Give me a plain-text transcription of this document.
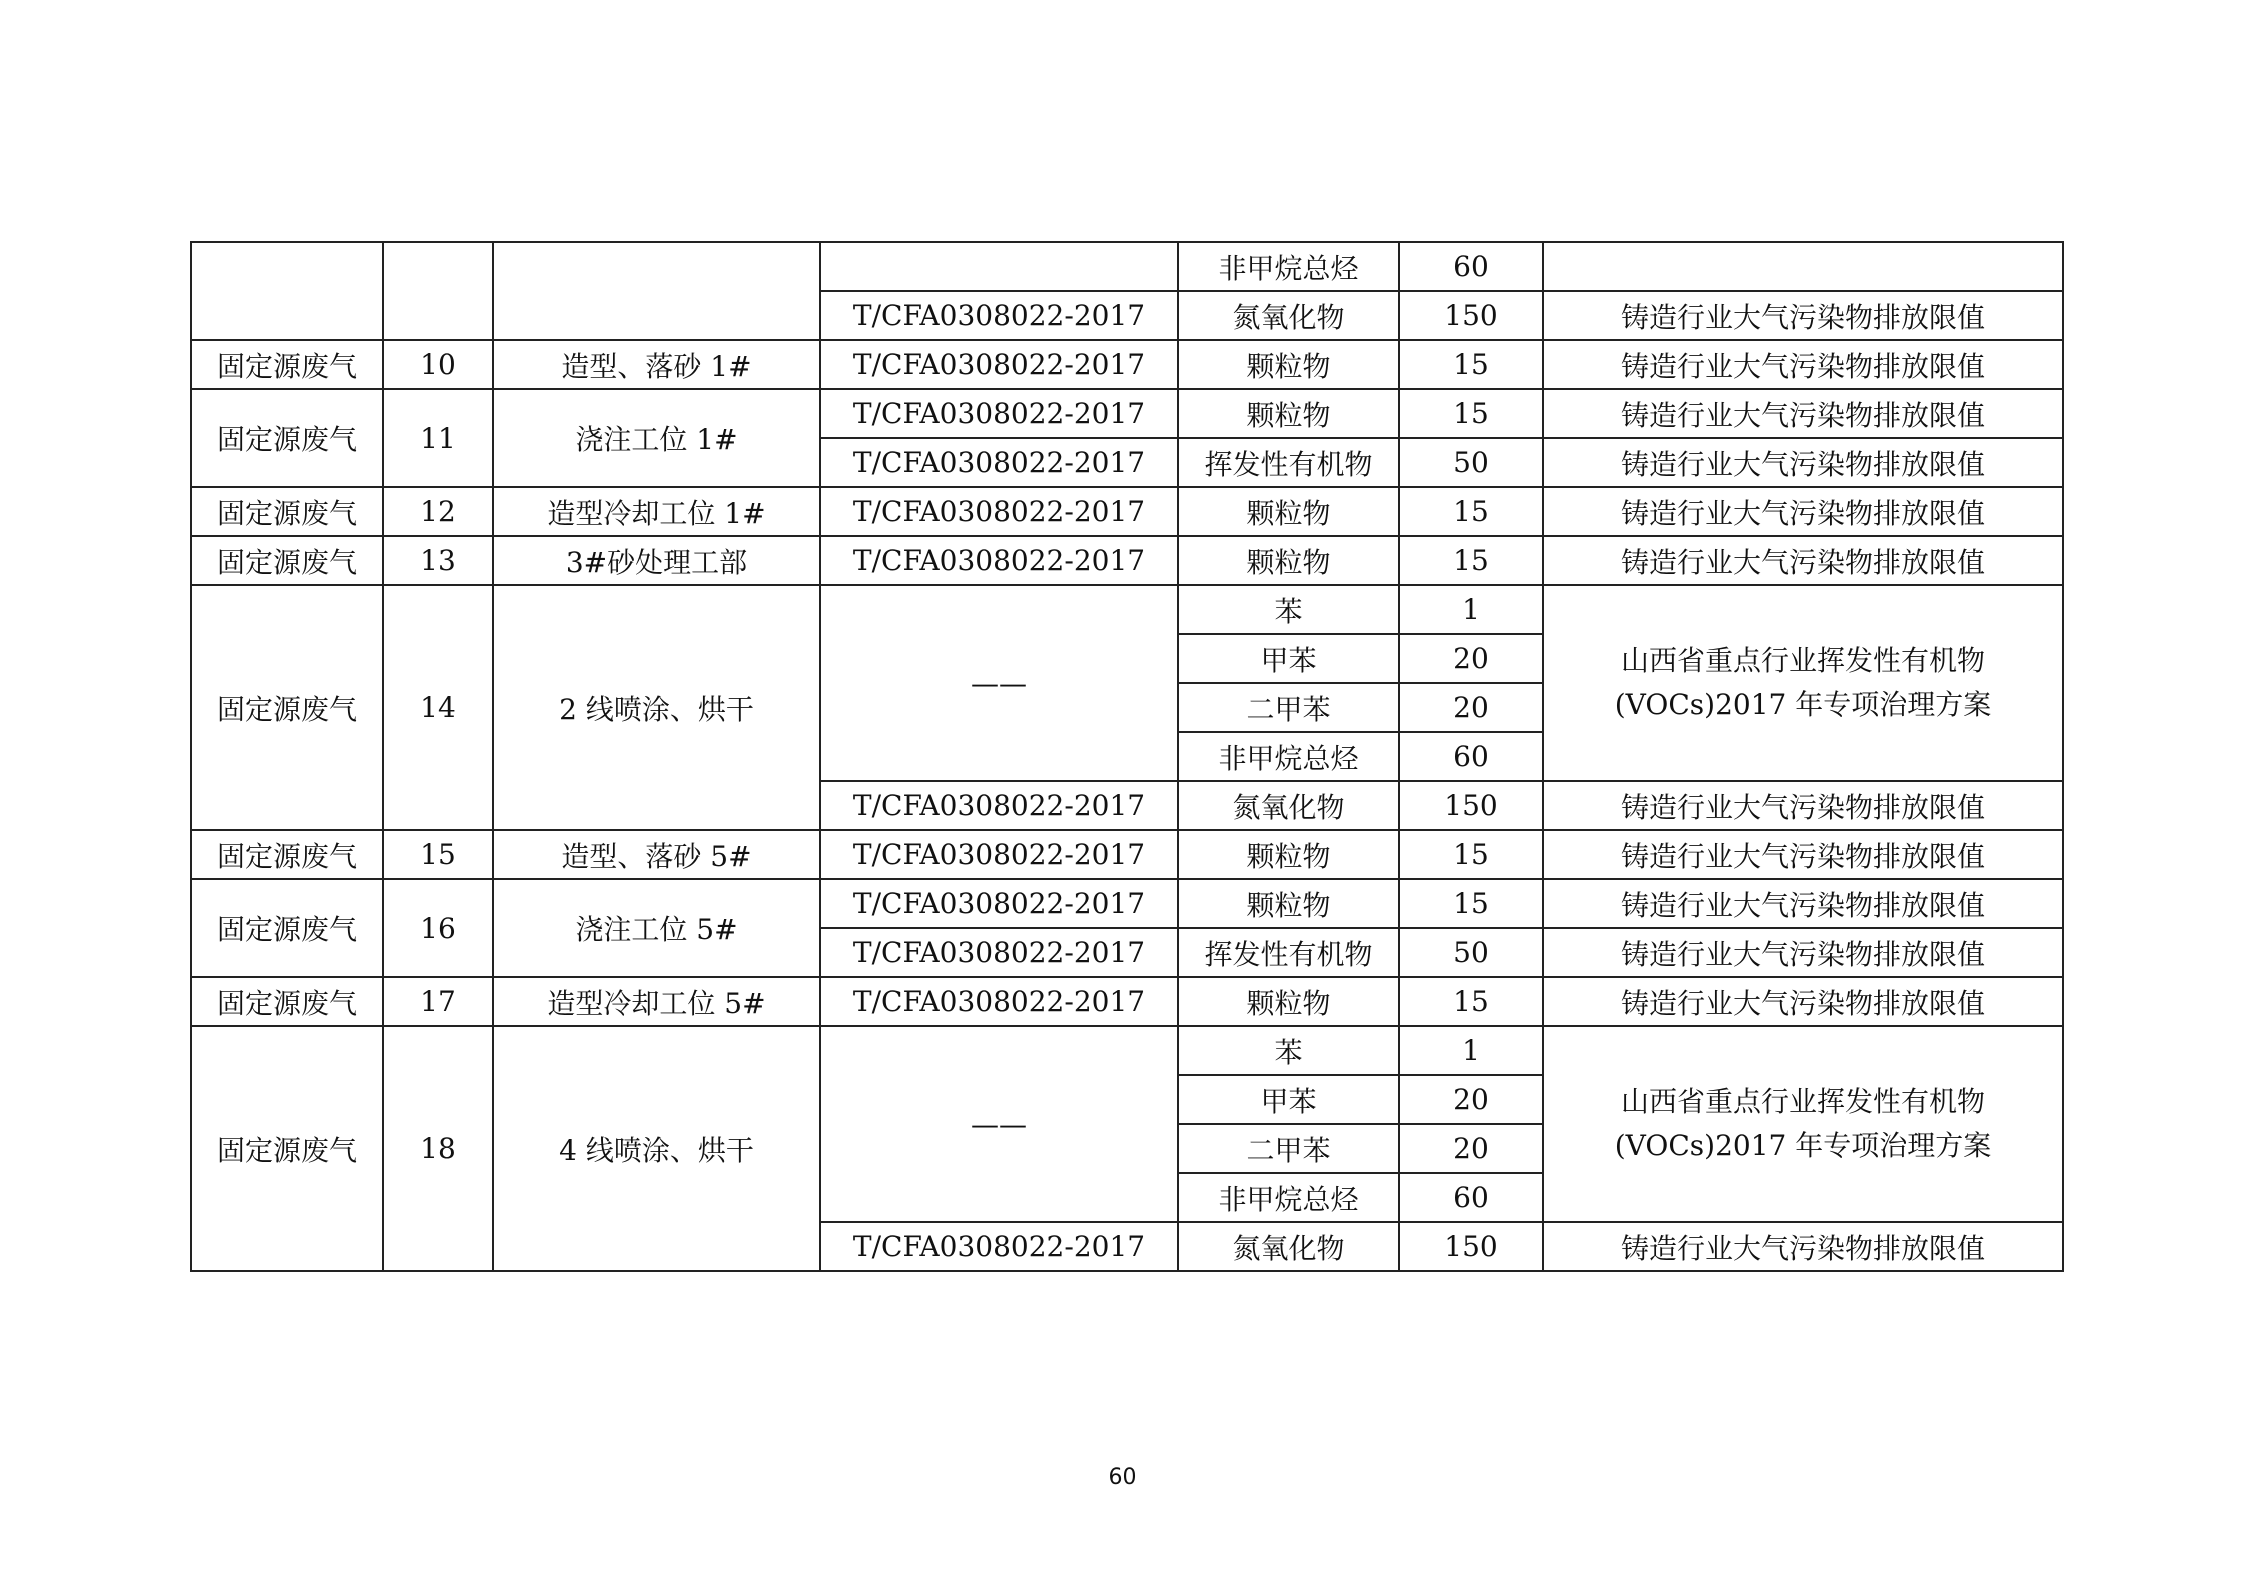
				非甲烷总烃	60	
			T/CFA0308022-2017	氮氧化物	150	铸造行业大气污染物排放限值
固定源废气	10	造型、落砂 1#	T/CFA0308022-2017	颗粒物	15	铸造行业大气污染物排放限值
固定源废气	11	浇注工位 1#	T/CFA0308022-2017	颗粒物	15	铸造行业大气污染物排放限值
			T/CFA0308022-2017	挥发性有机物	50	铸造行业大气污染物排放限值
固定源废气	12	造型冷却工位 1#	T/CFA0308022-2017	颗粒物	15	铸造行业大气污染物排放限值
固定源废气	13	3#砂处理工部	T/CFA0308022-2017	颗粒物	15	铸造行业大气污染物排放限值
固定源废气	14	2 线喷涂、烘干	——	苯	1	山西省重点行业挥发性有机物(VOCs)2017 年专项治理方案
				甲苯	20	
				二甲苯	20	
				非甲烷总烃	60	
			T/CFA0308022-2017	氮氧化物	150	铸造行业大气污染物排放限值
固定源废气	15	造型、落砂 5#	T/CFA0308022-2017	颗粒物	15	铸造行业大气污染物排放限值
固定源废气	16	浇注工位 5#	T/CFA0308022-2017	颗粒物	15	铸造行业大气污染物排放限值
			T/CFA0308022-2017	挥发性有机物	50	铸造行业大气污染物排放限值
固定源废气	17	造型冷却工位 5#	T/CFA0308022-2017	颗粒物	15	铸造行业大气污染物排放限值
固定源废气	18	4 线喷涂、烘干	——	苯	1	山西省重点行业挥发性有机物(VOCs)2017 年专项治理方案
				甲苯	20	
				二甲苯	20	
				非甲烷总烃	60	
			T/CFA0308022-2017	氮氧化物	150	铸造行业大气污染物排放限值
60
